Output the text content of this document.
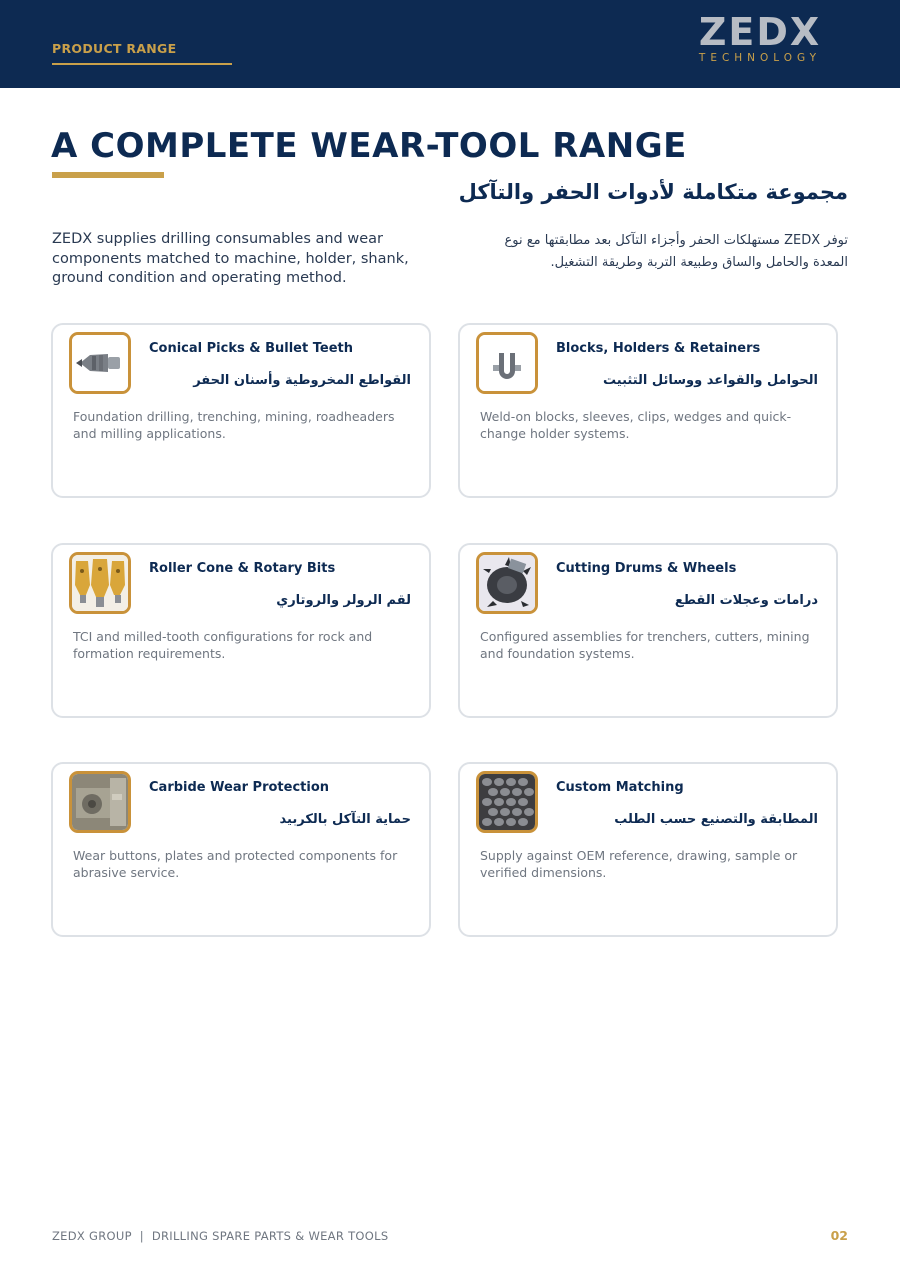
PRODUCT RANGE	ZEDX
TECHNOLOGY
A COMPLETE WEAR-TOOL RANGE
مجموعة متكاملة لأدوات الحفر والتآكل
ZEDX supplies drilling consumables and wear components matched to machine, holder, shank, ground condition and operating method.
توفر ZEDX مستهلكات الحفر وأجزاء التآكل بعد مطابقتها مع نوع المعدة والحامل والساق وطبيعة التربة وطريقة التشغيل.
Conical Picks & Bullet Teeth
القواطع المخروطية وأسنان الحفر
Foundation drilling, trenching, mining, roadheaders and milling applications.
Blocks, Holders & Retainers
الحوامل والقواعد ووسائل التثبيت
Weld-on blocks, sleeves, clips, wedges and quick-change holder systems.
Roller Cone & Rotary Bits
لقم الرولر والروتاري
TCI and milled-tooth configurations for rock and formation requirements.
Cutting Drums & Wheels
درامات وعجلات القطع
Configured assemblies for trenchers, cutters, mining and foundation systems.
Carbide Wear Protection
حماية التآكل بالكربيد
Wear buttons, plates and protected components for abrasive service.
Custom Matching
المطابقة والتصنيع حسب الطلب
Supply against OEM reference, drawing, sample or verified dimensions.
ZEDX GROUP  |  DRILLING SPARE PARTS & WEAR TOOLS	02
